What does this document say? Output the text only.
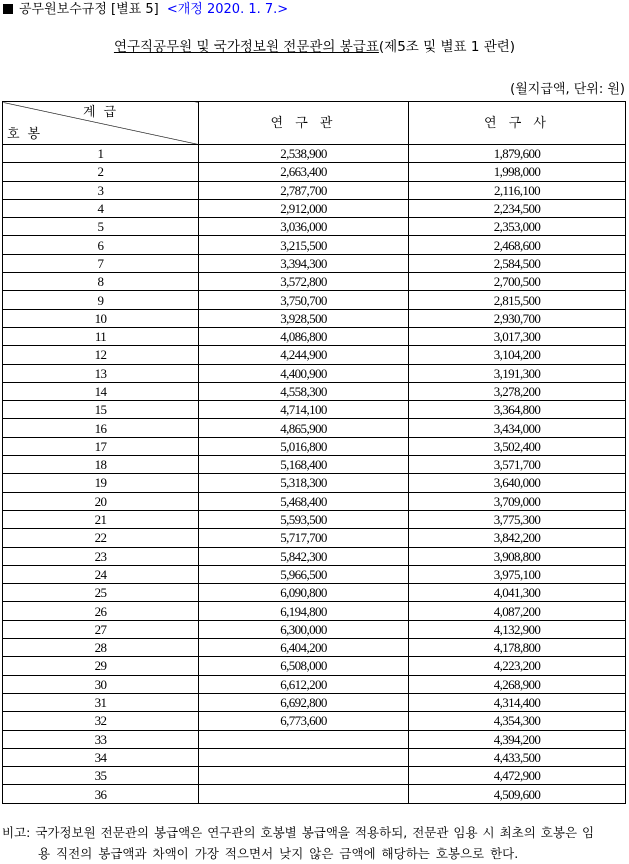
공무원보수규정 [별표 5] <개정 2020. 1. 7.>
연구직공무원 및 국가정보원 전문관의 봉급표(제5조 및 별표 1 관련)
(월지급액, 단위: 원)
계급
호봉	연 구 관	연 구 사
1	2,538,900	1,879,600
2	2,663,400	1,998,000
3	2,787,700	2,116,100
4	2,912,000	2,234,500
5	3,036,000	2,353,000
6	3,215,500	2,468,600
7	3,394,300	2,584,500
8	3,572,800	2,700,500
9	3,750,700	2,815,500
10	3,928,500	2,930,700
11	4,086,800	3,017,300
12	4,244,900	3,104,200
13	4,400,900	3,191,300
14	4,558,300	3,278,200
15	4,714,100	3,364,800
16	4,865,900	3,434,000
17	5,016,800	3,502,400
18	5,168,400	3,571,700
19	5,318,300	3,640,000
20	5,468,400	3,709,000
21	5,593,500	3,775,300
22	5,717,700	3,842,200
23	5,842,300	3,908,800
24	5,966,500	3,975,100
25	6,090,800	4,041,300
26	6,194,800	4,087,200
27	6,300,000	4,132,900
28	6,404,200	4,178,800
29	6,508,000	4,223,200
30	6,612,200	4,268,900
31	6,692,800	4,314,400
32	6,773,600	4,354,300
33		4,394,200
34		4,433,500
35		4,472,900
36		4,509,600
비고: 국가정보원 전문관의 봉급액은 연구관의 호봉별 봉급액을 적용하되, 전문관 임용 시 최초의 호봉은 임
용 직전의 봉급액과 차액이 가장 적으면서 낮지 않은 금액에 해당하는 호봉으로 한다.
